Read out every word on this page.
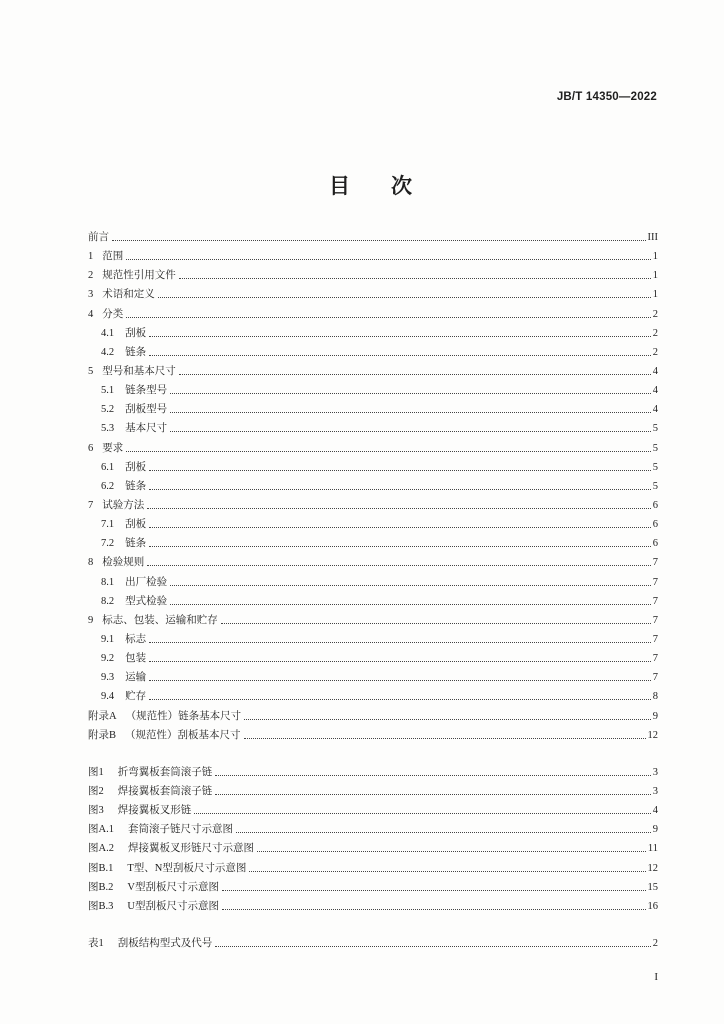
JB/T 14350—2022
目次
前言	III
1 范围	1
2 规范性引用文件	1
3 术语和定义	1
4 分类	2
4.1 刮板	2
4.2 链条	2
5 型号和基本尺寸	4
5.1 链条型号	4
5.2 刮板型号	4
5.3 基本尺寸	5
6 要求	5
6.1 刮板	5
6.2 链条	5
7 试验方法	6
7.1 刮板	6
7.2 链条	6
8 检验规则	7
8.1 出厂检验	7
8.2 型式检验	7
9 标志、包装、运输和贮存	7
9.1 标志	7
9.2 包装	7
9.3 运输	7
9.4 贮存	8
附录A （规范性）链条基本尺寸	9
附录B （规范性）刮板基本尺寸	12
图1 折弯翼板套筒滚子链	3
图2 焊接翼板套筒滚子链	3
图3 焊接翼板叉形链	4
图A.1 套筒滚子链尺寸示意图	9
图A.2 焊接翼板叉形链尺寸示意图	11
图B.1 T型、N型刮板尺寸示意图	12
图B.2 V型刮板尺寸示意图	15
图B.3 U型刮板尺寸示意图	16
表1 刮板结构型式及代号	2
I
